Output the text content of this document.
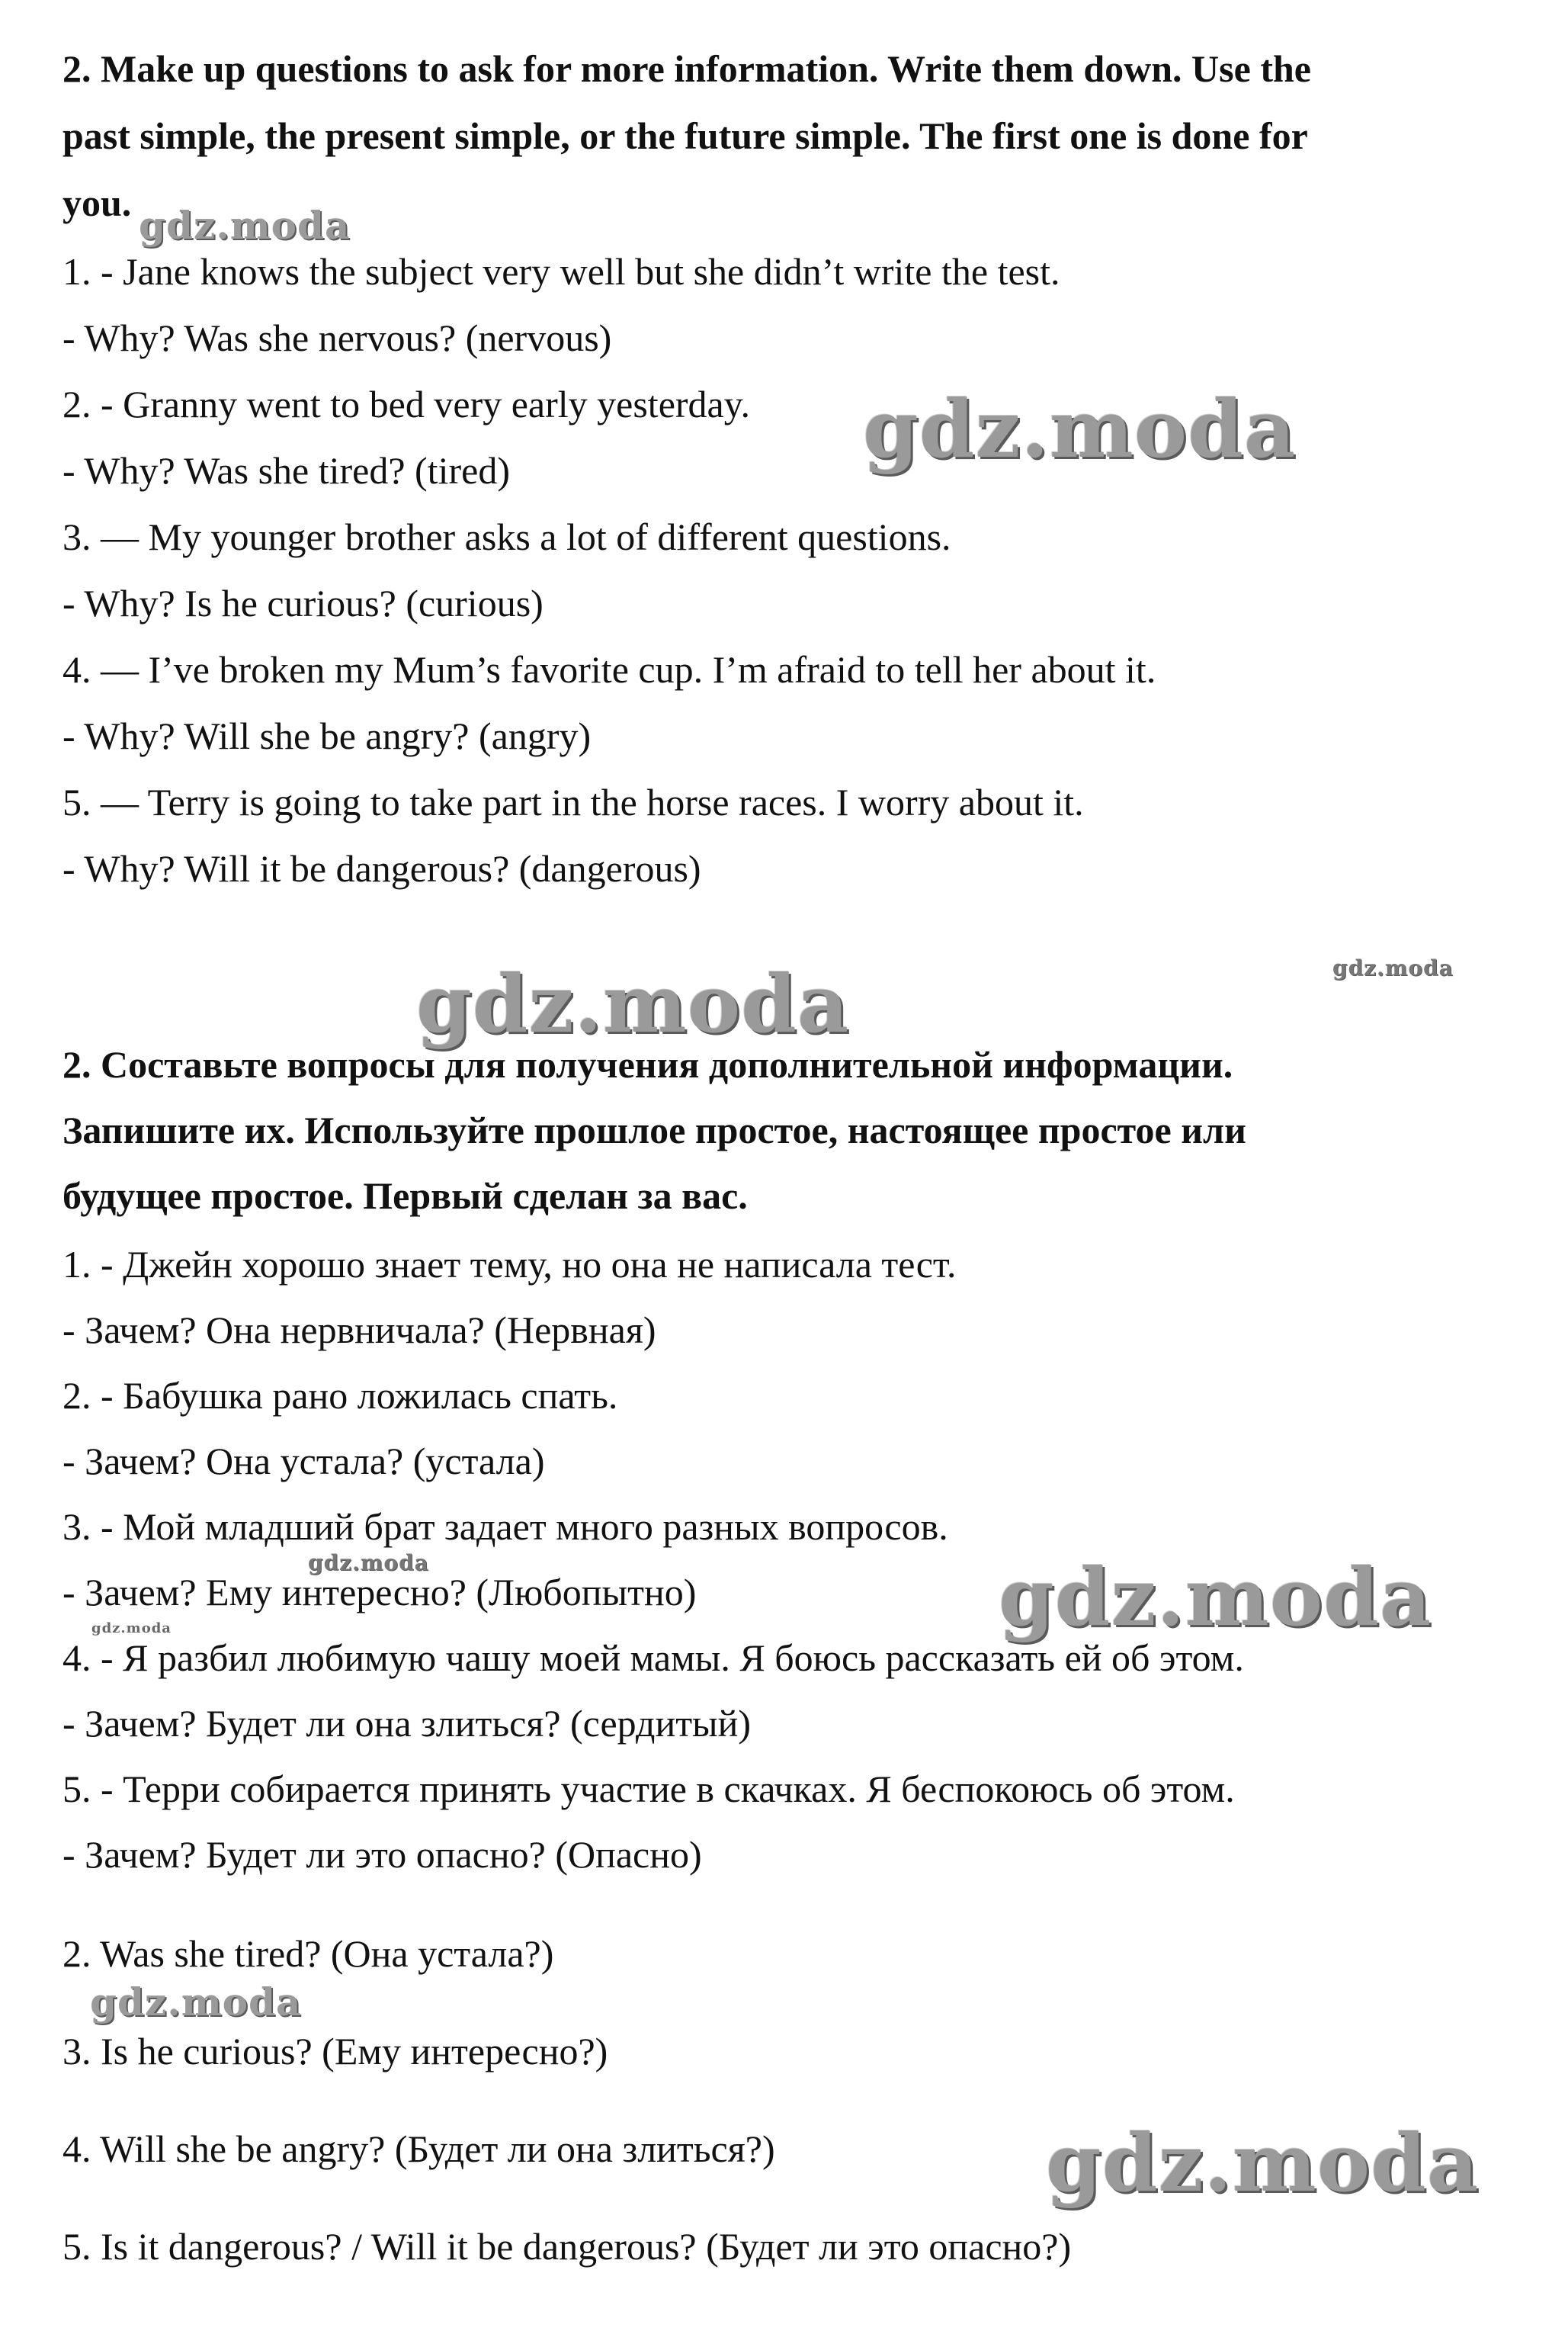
2. Make up questions to ask for more information. Write them down. Use the
past simple, the present simple, or the future simple. The first one is done for
you.
1. - Jane knows the subject very well but she didn’t write the test.
- Why? Was she nervous? (nervous)
2. - Granny went to bed very early yesterday.
- Why? Was she tired? (tired)
3. — My younger brother asks a lot of different questions.
- Why? Is he curious? (curious)
4. — I’ve broken my Mum’s favorite cup. I’m afraid to tell her about it.
- Why? Will she be angry? (angry)
5. — Terry is going to take part in the horse races. I worry about it.
- Why? Will it be dangerous? (dangerous)
2. Составьте вопросы для получения дополнительной информации.
Запишите их. Используйте прошлое простое, настоящее простое или
будущее простое. Первый сделан за вас.
1. - Джейн хорошо знает тему, но она не написала тест.
- Зачем? Она нервничала? (Нервная)
2. - Бабушка рано ложилась спать.
- Зачем? Она устала? (устала)
3. - Мой младший брат задает много разных вопросов.
- Зачем? Ему интересно? (Любопытно)
4. - Я разбил любимую чашу моей мамы. Я боюсь рассказать ей об этом.
- Зачем? Будет ли она злиться? (сердитый)
5. - Терри собирается принять участие в скачках. Я беспокоюсь об этом.
- Зачем? Будет ли это опасно? (Опасно)
2. Was she tired? (Она устала?)
3. Is he curious? (Ему интересно?)
4. Will she be angry? (Будет ли она злиться?)
5. Is it dangerous? / Will it be dangerous? (Будет ли это опасно?)
gdz.moda
gdz.moda
gdz.moda
gdz.moda
gdz.moda	gdz.moda
gdz.moda
gdz.moda
gdz.moda
